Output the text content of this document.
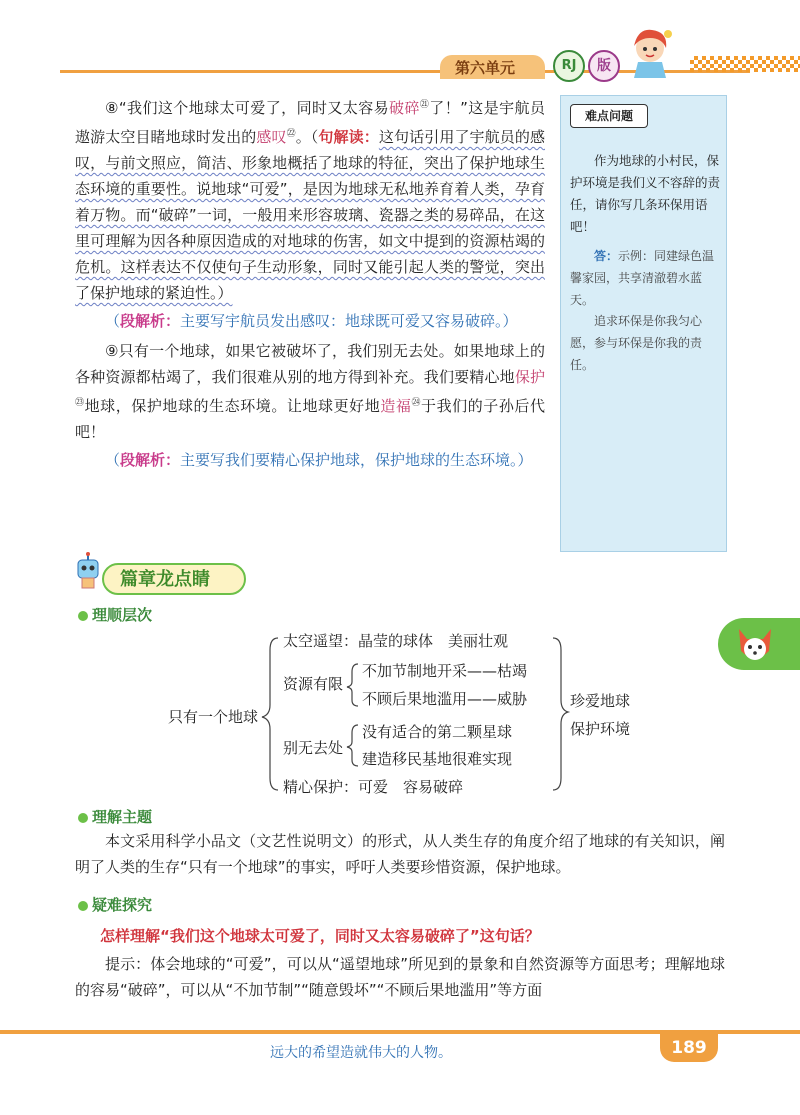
第六单元	RJ	版

⑧“我们这个地球太可爱了，同时又太容易破碎$^㉑$了！”这是宇航员遨游太空目睹地球时发出的感叹$^㉒$。（句解读：这句话引用了宇航员的感叹，与前文照应，简洁、形象地概括了地球的特征，突出了保护地球生态环境的重要性。说地球“可爱”，是因为地球无私地养育着人类，孕育着万物。而“破碎”一词，一般用来形容玻璃、瓷器之类的易碎品，在这里可理解为因各种原因造成的对地球的伤害，如文中提到的资源枯竭的危机。这样表达不仅使句子生动形象，同时又能引起人类的警觉，突出了保护地球的紧迫性。）

（段解析：主要写宇航员发出感叹：地球既可爱又容易破碎。）

⑨只有一个地球，如果它被破坏了，我们别无去处。如果地球上的各种资源都枯竭了，我们很难从别的地方得到补充。我们要精心地保护$^㉓$地球，保护地球的生态环境。让地球更好地造福$^㉔$于我们的子孙后代吧！

（段解析：主要写我们要精心保护地球，保护地球的生态环境。）

难点问题
作为地球的小村民，保护环境是我们义不容辞的责任，请你写几条环保用语吧！
答：示例：同建绿色温馨家园，共享清澈碧水蓝天。
追求环保是你我匀心愿，参与环保是你我的责任。
篇章龙点睛
理顺层次
只有一个地球
太空遥望：晶莹的球体　美丽壮观
资源有限
不加节制地开采——枯竭
不顾后果地滥用——威胁
别无去处
没有适合的第二颗星球
建造移民基地很难实现
精心保护：可爱　容易破碎
珍爱地球
保护环境
理解主题
本文采用科学小品文（文艺性说明文）的形式，从人类生存的角度介绍了地球的有关知识，阐明了人类的生存“只有一个地球”的事实，呼吁人类要珍惜资源，保护地球。
疑难探究
怎样理解“我们这个地球太可爱了，同时又太容易破碎了”这句话？
提示：体会地球的“可爱”，可以从“遥望地球”所见到的景象和自然资源等方面思考；理解地球的容易“破碎”，可以从“不加节制”“随意毁坏”“不顾后果地滥用”等方面
远大的希望造就伟大的人物。	189
